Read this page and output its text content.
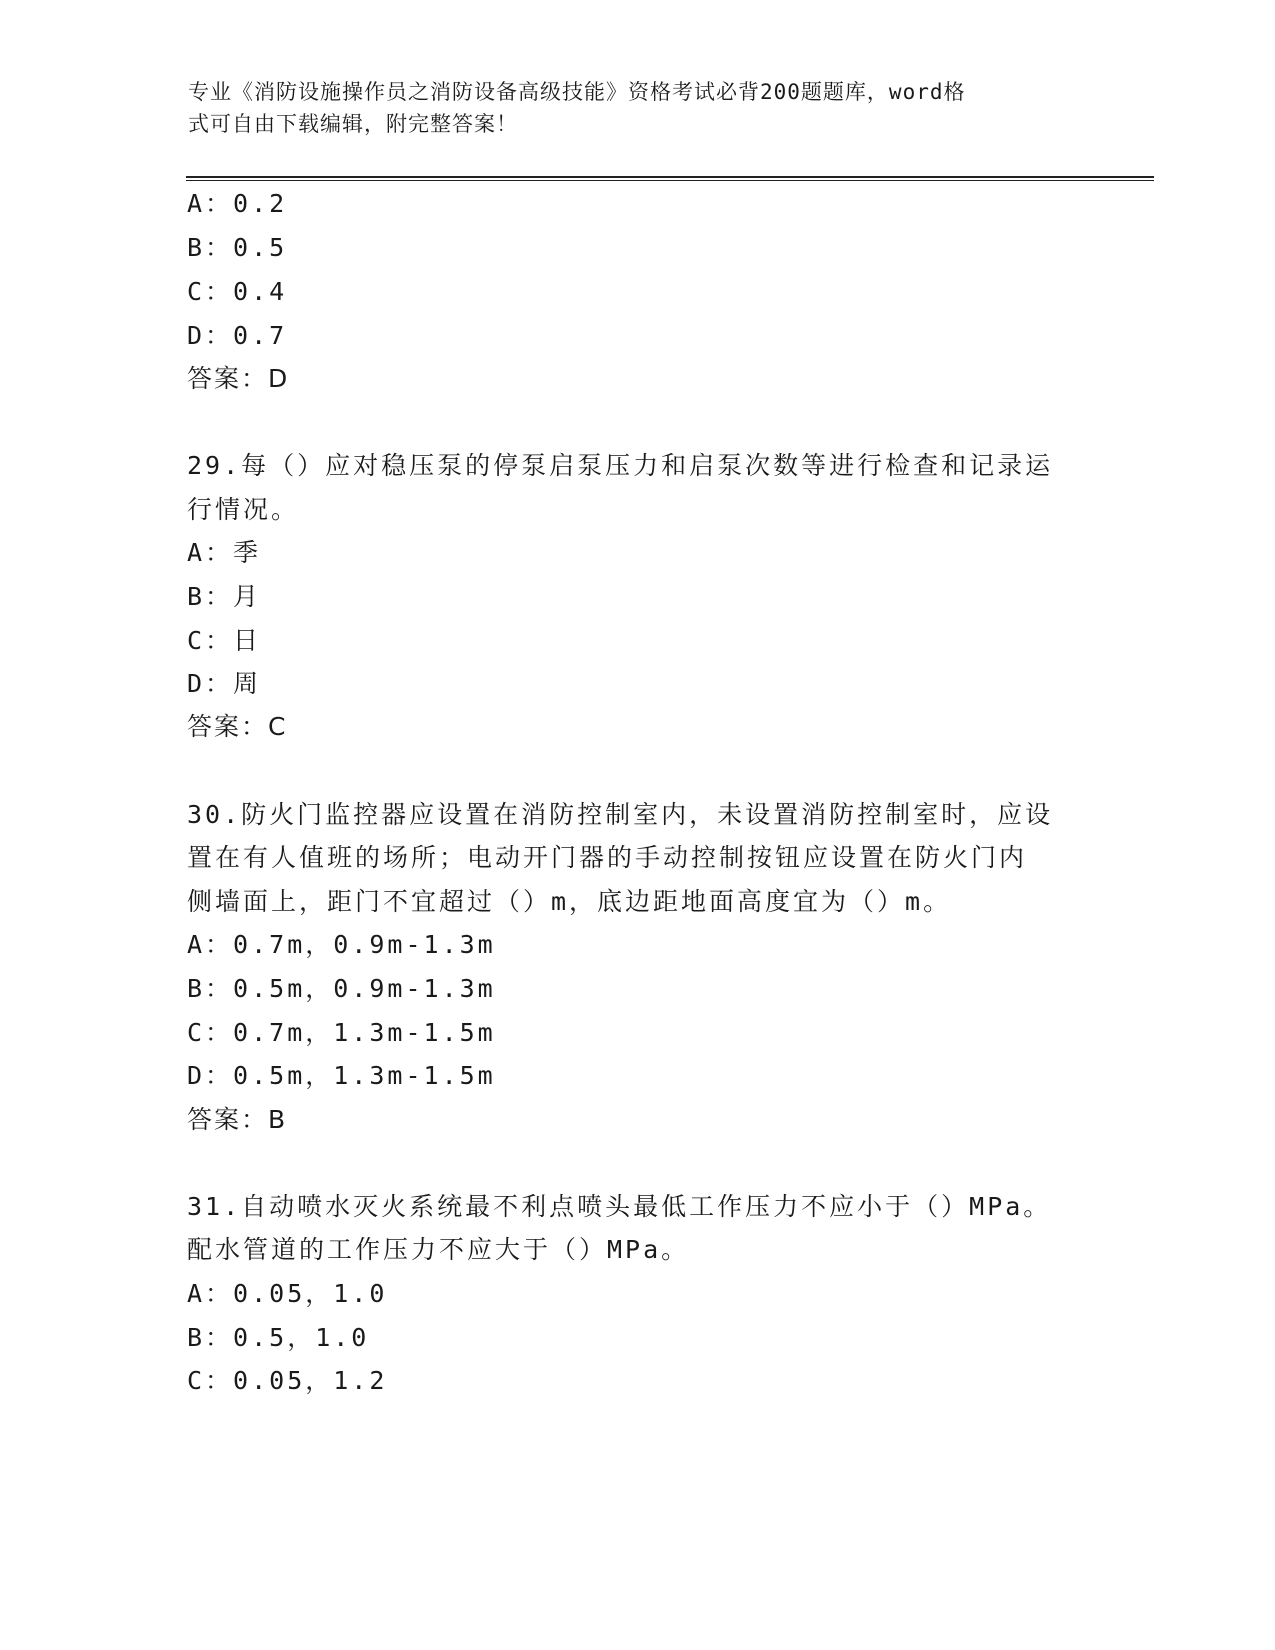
专业《消防设施操作员之消防设备高级技能》资格考试必背200题题库，word格
式可自由下载编辑，附完整答案！
A：0.2
B：0.5
C：0.4
D：0.7
答案：D
29.每（）应对稳压泵的停泵启泵压力和启泵次数等进行检查和记录运
行情况。
A：季
B：月
C：日
D：周
答案：C
30.防火门监控器应设置在消防控制室内，未设置消防控制室时，应设
置在有人值班的场所；电动开门器的手动控制按钮应设置在防火门内
侧墙面上，距门不宜超过（）m，底边距地面高度宜为（）m。
A：0.7m，0.9m-1.3m
B：0.5m，0.9m-1.3m
C：0.7m，1.3m-1.5m
D：0.5m，1.3m-1.5m
答案：B
31.自动喷水灭火系统最不利点喷头最低工作压力不应小于（）MPa。
配水管道的工作压力不应大于（）MPa。
A：0.05，1.0
B：0.5，1.0
C：0.05，1.2
